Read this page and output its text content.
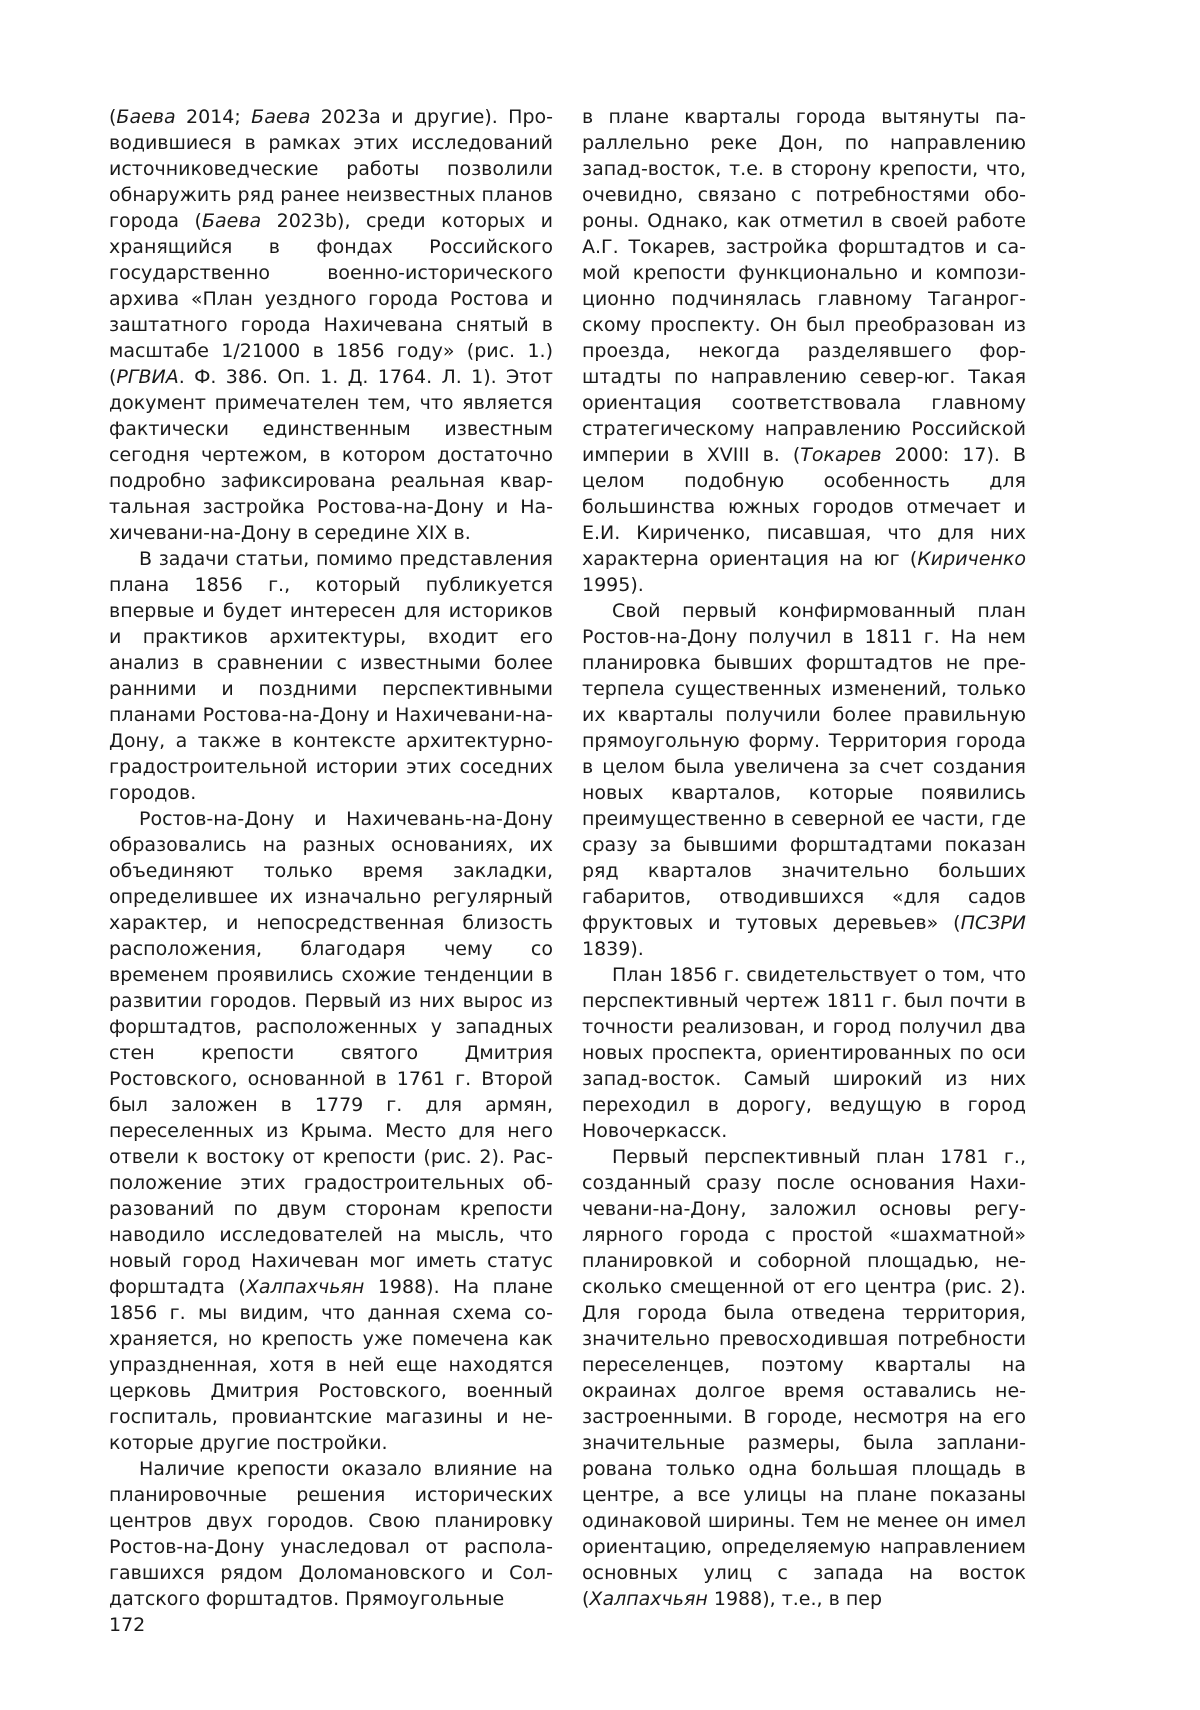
(Баева 2014; Баева 2023а и другие). Проводившиеся в рамках этих исследований источниковедческие работы позволили обнаружить ряд ранее неизвестных планов города (Баева 2023b), среди которых и хранящийся в фондах Российского государственно военно-исторического архива «План уездного города Ростова и заштатного города Нахичевана снятый в масштабе 1/21000 в 1856 году» (рис. 1.) (РГВИА. Ф. 386. Оп. 1. Д. 1764. Л. 1). Этот документ примечателен тем, что является фактически единственным известным сегодня чертежом, в котором достаточно подробно зафиксирована реальная квартальная застройка Ростова-на-Дону и Нахичевани-на-Дону в середине XIX в.

В задачи статьи, помимо представления плана 1856 г., который публикуется впервые и будет интересен для историков и практиков архитектуры, входит его анализ в сравнении с известными более ранними и поздними перспективными планами Ростова-на-Дону и Нахичевани-на-Дону, а также в контексте архитектурно-градостроительной истории этих соседних городов.

Ростов-на-Дону и Нахичевань-на-Дону образовались на разных основаниях, их объединяют только время закладки, определившее их изначально регулярный характер, и непосредственная близость расположения, благодаря чему со временем проявились схожие тенденции в развитии городов. Первый из них вырос из форштадтов, расположенных у западных стен крепости святого Дмитрия Ростовского, основанной в 1761 г. Второй был заложен в 1779 г. для армян, переселенных из Крыма. Место для него отвели к востоку от крепости (рис. 2). Расположение этих градостроительных образований по двум сторонам крепости наводило исследователей на мысль, что новый город Нахичеван мог иметь статус форштадта (Халпахчьян 1988). На плане 1856 г. мы видим, что данная схема сохраняется, но крепость уже помечена как упраздненная, хотя в ней еще находятся церковь Дмитрия Ростовского, военный госпиталь, провиантские магазины и некоторые другие постройки.

Наличие крепости оказало влияние на планировочные решения исторических центров двух городов. Свою планировку Ростов-на-Дону унаследовал от располагавшихся рядом Доломановского и Солдатского форштадтов. Прямоугольные

в плане кварталы города вытянуты параллельно реке Дон, по направлению запад-восток, т.е. в сторону крепости, что, очевидно, связано с потребностями обороны. Однако, как отметил в своей работе А.Г. Токарев, застройка форштадтов и самой крепости функционально и композиционно подчинялась главному Таганрогскому проспекту. Он был преобразован из проезда, некогда разделявшего форштадты по направлению север-юг. Такая ориентация соответствовала главному стратегическому направлению Российской империи в XVIII в. (Токарев 2000: 17). В целом подобную особенность для большинства южных городов отмечает и Е.И. Кириченко, писавшая, что для них характерна ориентация на юг (Кириченко 1995).

Свой первый конфирмованный план Ростов-на-Дону получил в 1811 г. На нем планировка бывших форштадтов не претерпела существенных изменений, только их кварталы получили более правильную прямоугольную форму. Территория города в целом была увеличена за счет создания новых кварталов, которые появились преимущественно в северной ее части, где сразу за бывшими форштадтами показан ряд кварталов значительно больших габаритов, отводившихся «для садов фруктовых и тутовых деревьев» (ПСЗРИ 1839).

План 1856 г. свидетельствует о том, что перспективный чертеж 1811 г. был почти в точности реализован, и город получил два новых проспекта, ориентированных по оси запад-восток. Самый широкий из них переходил в дорогу, ведущую в город Новочеркасск.

Первый перспективный план 1781 г., созданный сразу после основания Нахичевани-на-Дону, заложил основы регулярного города с простой «шахматной» планировкой и соборной площадью, несколько смещенной от его центра (рис. 2). Для города была отведена территория, значительно превосходившая потребности переселенцев, поэтому кварталы на окраинах долгое время оставались незастроенными. В городе, несмотря на его значительные размеры, была запланирована только одна большая площадь в центре, а все улицы на плане показаны одинаковой ширины. Тем не менее он имел ориентацию, определяемую направлением основных улиц с запада на восток (Халпахчьян 1988), т.е., в пер

172
